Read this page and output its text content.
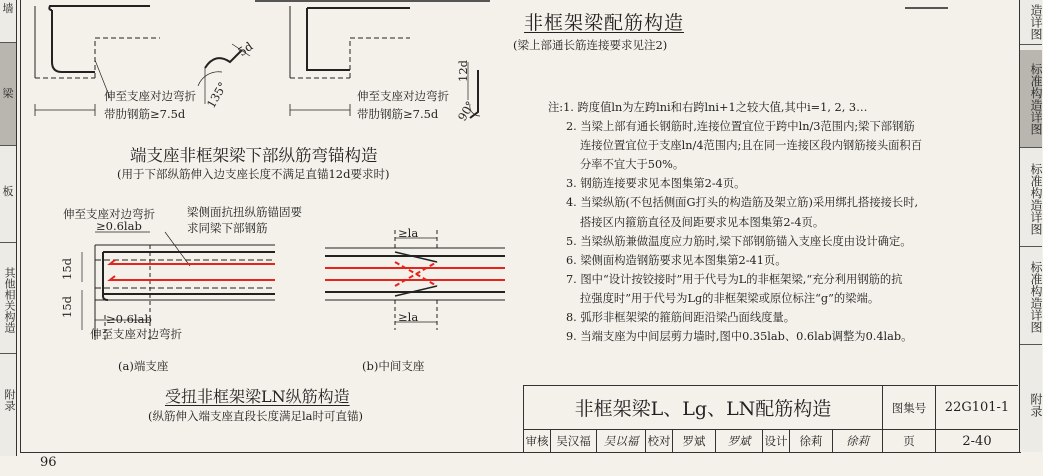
墙
梁
板
其他相关构造
附录
造详图
标准构造详图
标准构造详图
标准构造详图
附录
非框架梁配筋构造
(梁上部通长筋连接要求见注2)
伸至支座对边弯折
带肋钢筋≥7.5d
伸至支座对边弯折
带肋钢筋≥7.5d
5d
135°
12d
90°
端支座非框架梁下部纵筋弯锚构造
(用于下部纵筋伸入边支座长度不满足直锚12d要求时)
伸至支座对边弯折
≥0.6lab
梁侧面抗扭纵筋锚固要求同梁下部钢筋
15d
15d
≥0.6lab
伸至支座对边弯折
(a)端支座	(b)中间支座
≥la
≥la
受扭非框架梁LN纵筋构造
(纵筋伸入端支座直段长度满足la时可直锚)
注:1. 跨度值ln为左跨lni和右跨lni+1之较大值,其中i=1, 2, 3…
2. 当梁上部有通长钢筋时,连接位置宜位于跨中ln/3范围内;梁下部钢筋
连接位置宜位于支座ln/4范围内;且在同一连接区段内钢筋接头面积百
分率不宜大于50%。
3. 钢筋连接要求见本图集第2-4页。
4. 当梁纵筋(不包括侧面G打头的构造筋及架立筋)采用绑扎搭接接长时,
搭接区内箍筋直径及间距要求见本图集第2-4页。
5. 当梁纵筋兼做温度应力筋时,梁下部钢筋锚入支座长度由设计确定。
6. 梁侧面构造钢筋要求见本图集第2-41页。
7. 图中“设计按铰接时”用于代号为L的非框架梁,“充分利用钢筋的抗
拉强度时”用于代号为Lg的非框架梁或原位标注“g”的梁端。
8. 弧形非框架梁的箍筋间距沿梁凸面线度量。
9. 当端支座为中间层剪力墙时,图中0.35lab、0.6lab调整为0.4lab。
非框架梁L、Lg、LN配筋构造	图集号	22G101-1
审核 吴汉福	吴以福 校对	罗斌	罗斌	设计	徐莉	徐莉	页	2-40
96
